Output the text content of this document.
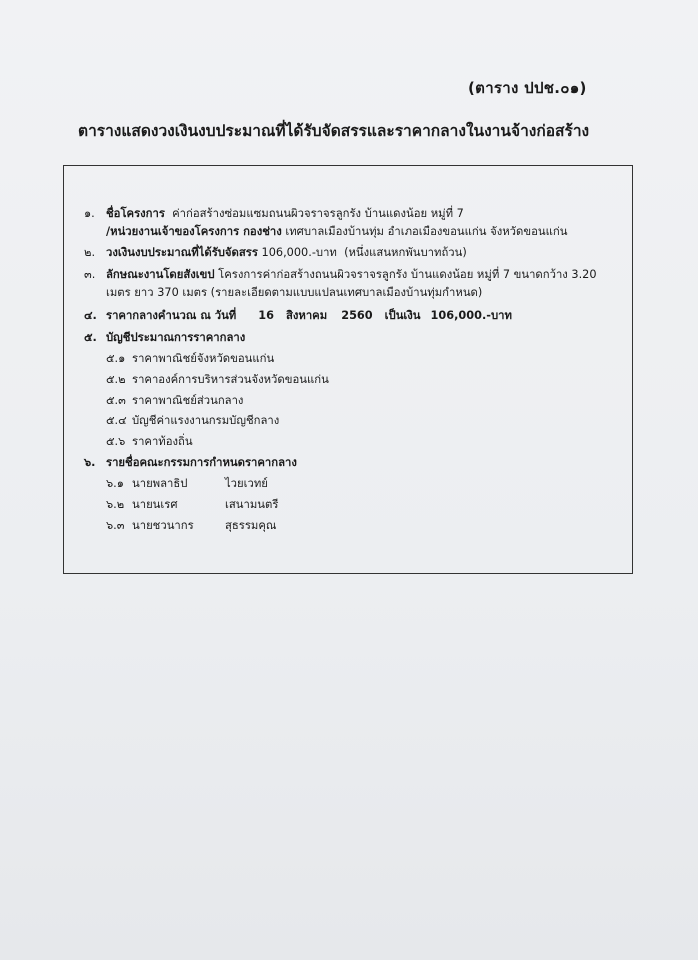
(ตาราง ปปช.๐๑)
ตารางแสดงวงเงินงบประมาณที่ได้รับจัดสรรและราคากลางในงานจ้างก่อสร้าง
๑. ชื่อโครงการ ค่าก่อสร้างซ่อมแซมถนนผิวจราจรลูกรัง บ้านแดงน้อย หมู่ที่ 7
/หน่วยงานเจ้าของโครงการ กองช่าง เทศบาลเมืองบ้านทุ่ม อำเภอเมืองขอนแก่น จังหวัดขอนแก่น
๒. วงเงินงบประมาณที่ได้รับจัดสรร 106,000.-บาท (หนึ่งแสนหกพันบาทถ้วน)
๓. ลักษณะงานโดยสังเขป โครงการค่าก่อสร้างถนนผิวจราจรลูกรัง บ้านแดงน้อย หมู่ที่ 7 ขนาดกว้าง 3.20
เมตร ยาว 370 เมตร (รายละเอียดตามแบบแปลนเทศบาลเมืองบ้านทุ่มกำหนด)
๔. ราคากลางคำนวณ ณ วันที่ 16 สิงหาคม 2560 เป็นเงิน 106,000.-บาท
๕. บัญชีประมาณการราคากลาง
๕.๑ ราคาพาณิชย์จังหวัดขอนแก่น
๕.๒ ราคาองค์การบริหารส่วนจังหวัดขอนแก่น
๕.๓ ราคาพาณิชย์ส่วนกลาง
๕.๔ บัญชีค่าแรงงานกรมบัญชีกลาง
๕.๖ ราคาท้องถิ่น
๖. รายชื่อคณะกรรมการกำหนดราคากลาง
๖.๑ นายพลาธิป	ไวยเวทย์
๖.๒ นายนเรศ	เสนามนตรี
๖.๓ นายชวนากร	สุธรรมคุณ
